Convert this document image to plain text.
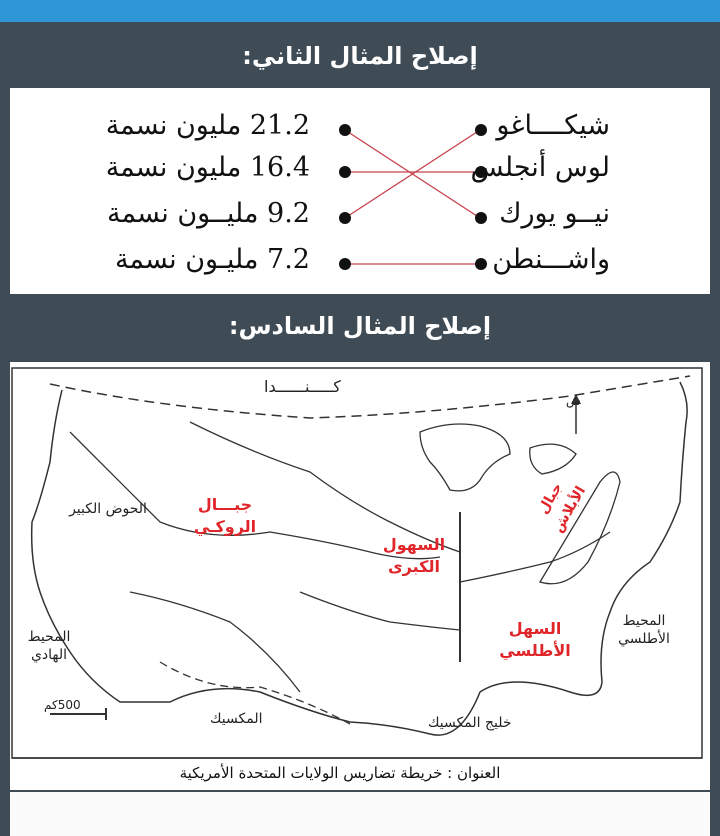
إصلاح المثال الثاني:
شيكــــاغو
لوس أنجلس
نيــو يورك
واشـــنطن
21.2 مليون نسمة
16.4 مليون نسمة
9.2 مليــون نسمة
7.2 مليـون نسمة
إصلاح المثال السادس:
كـــــنــــــدا
ش
الحوض الكبير
المحيط الهادي
جبـــال الروكـي
السهول الكبرى
جبال الأبلاش
السهل الأطلسي
المحيط الأطلسي
المكسيك	خليج المكسيك
500كم
العنوان : خريطة تضاريس الولايات المتحدة الأمريكية
